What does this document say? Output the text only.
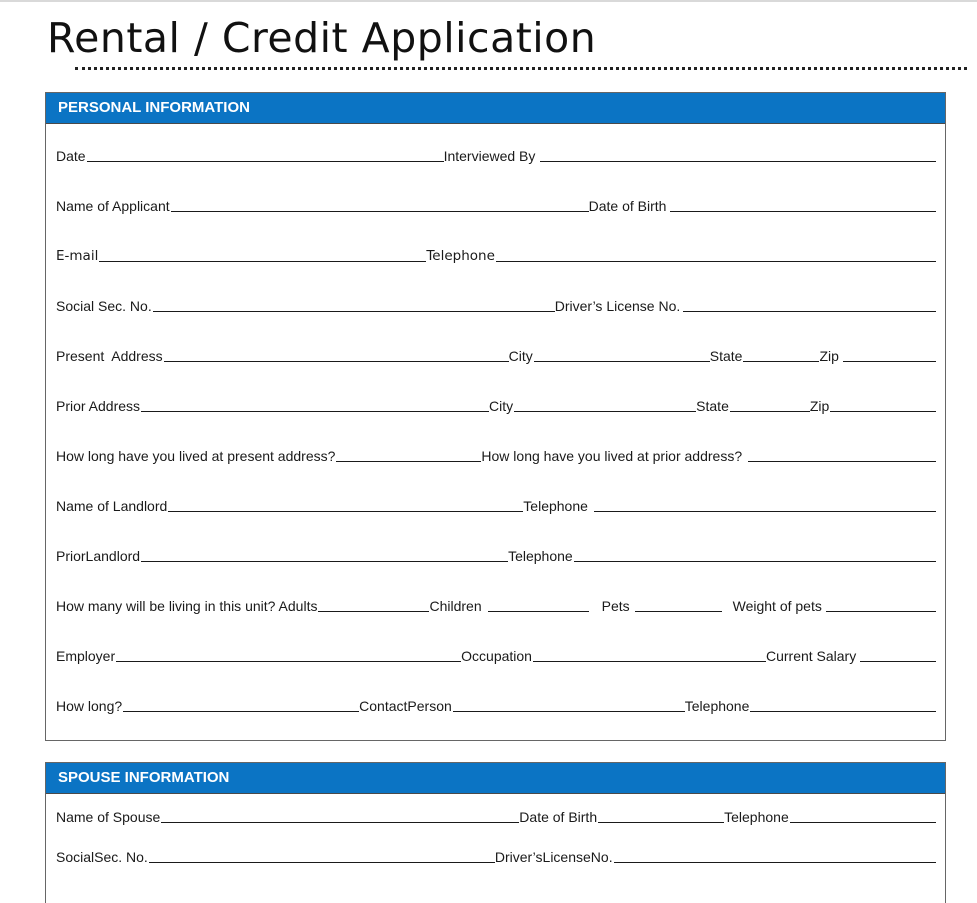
Rental / Credit Application
PERSONAL INFORMATION
Date	Interviewed By
Name of Applicant	Date of Birth
E-mail	Telephone
Social Sec. No.	Driver’s License No.
Present  Address	City	State	Zip
Prior Address	City	State	Zip
How long have you lived at present address?	How long have you lived at prior address?
Name of Landlord	Telephone
PriorLandlord	Telephone
How many will be living in this unit? Adults	Children	Pets	Weight of pets
Employer	Occupation	Current Salary
How long?	ContactPerson	Telephone
SPOUSE INFORMATION
Name of Spouse	Date of Birth	Telephone
SocialSec. No.	Driver’sLicenseNo.
